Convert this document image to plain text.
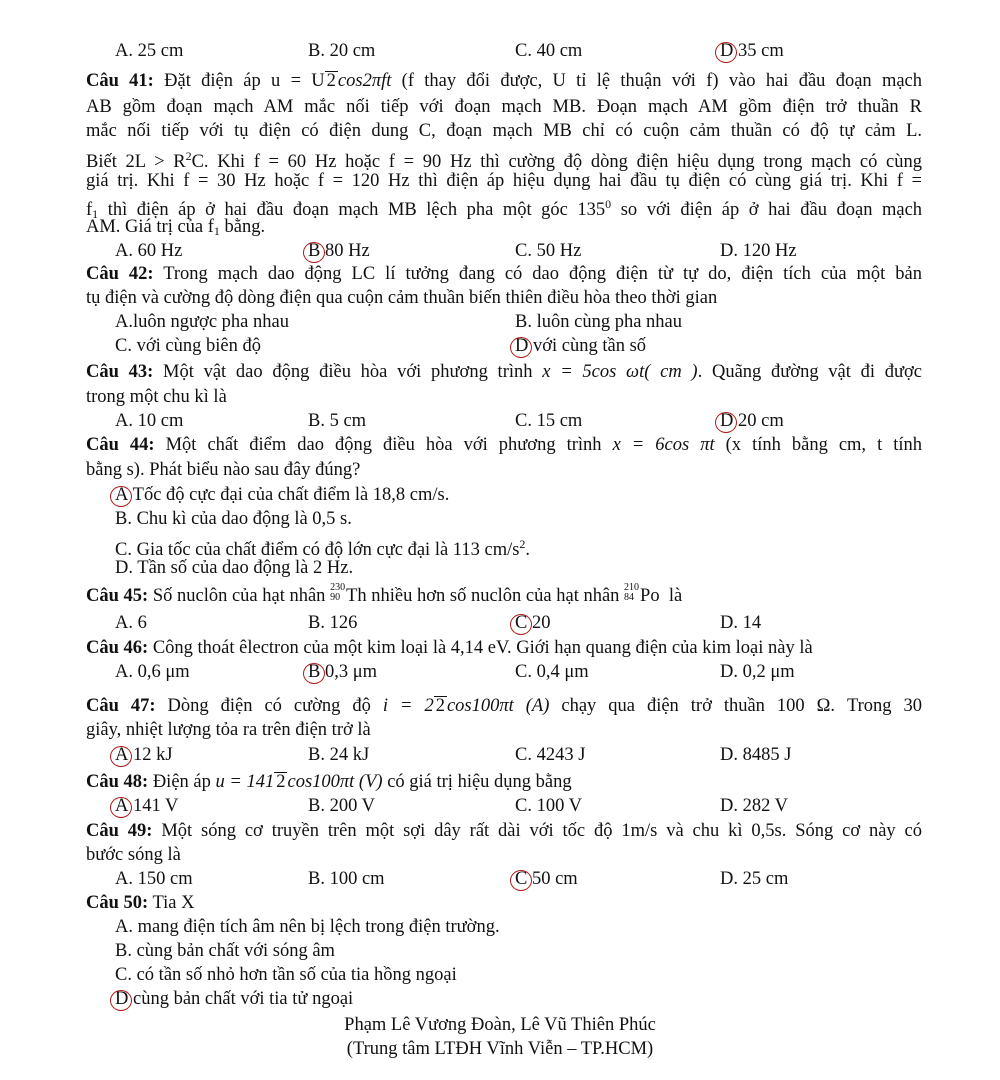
A. 25 cm	B. 20 cm	C. 40 cm	D 35 cm
Câu 41: Đặt điện áp u = U 2 cos2πft (f thay đổi được, U tỉ lệ thuận với f) vào hai đầu đoạn mạch
AB gồm đoạn mạch AM mắc nối tiếp với đoạn mạch MB. Đoạn mạch AM gồm điện trở thuần R
mắc nối tiếp với tụ điện có điện dung C, đoạn mạch MB chỉ có cuộn cảm thuần có độ tự cảm L.
Biết $2L > R^2C$. Khi f = 60 Hz hoặc f = 90 Hz thì cường độ dòng điện hiệu dụng trong mạch có cùng
giá trị. Khi f = 30 Hz hoặc f = 120 Hz thì điện áp hiệu dụng hai đầu tụ điện có cùng giá trị. Khi f =
$f_1$ thì điện áp ở hai đầu đoạn mạch MB lệch pha một góc $135^0$ so với điện áp ở hai đầu đoạn mạch
AM. Giá trị của $f_1$ bằng.
A. 60 Hz	B 80 Hz	C. 50 Hz	D. 120 Hz
Câu 42: Trong mạch dao động LC lí tưởng đang có dao động điện từ tự do, điện tích của một bản
tụ điện và cường độ dòng điện qua cuộn cảm thuần biến thiên điều hòa theo thời gian
A.luôn ngược pha nhau	B. luôn cùng pha nhau
C. với cùng biên độ	D với cùng tần số
Câu 43: Một vật dao động điều hòa với phương trình x = 5cos ωt( cm ). Quãng đường vật đi được
trong một chu kì là
A. 10 cm	B. 5 cm	C. 15 cm	D 20 cm
Câu 44: Một chất điểm dao động điều hòa với phương trình x = 6cos πt (x tính bằng cm, t tính
bằng s). Phát biểu nào sau đây đúng?
A Tốc độ cực đại của chất điểm là 18,8 cm/s.
B. Chu kì của dao động là 0,5 s.
C. Gia tốc của chất điểm có độ lớn cực đại là 113 $cm/s^2$.
D. Tần số của dao động là 2 Hz.
Câu 45: Số nuclôn của hạt nhân 230
90 Th nhiều hơn số nuclôn của hạt nhân 210
84 Po là
A. 6	B. 126	C 20	D. 14
Câu 46: Công thoát êlectron của một kim loại là 4,14 eV. Giới hạn quang điện của kim loại này là
A. 0,6 μm	B 0,3 μm	C. 0,4 μm	D. 0,2 μm
Câu 47: Dòng điện có cường độ i = 2 2 cos100πt (A) chạy qua điện trở thuần 100 Ω. Trong 30
giây, nhiệt lượng tỏa ra trên điện trở là
A 12 kJ	B. 24 kJ	C. 4243 J	D. 8485 J
Câu 48: Điện áp u = 141 2 cos100πt (V) có giá trị hiệu dụng bằng
A 141 V	B. 200 V	C. 100 V	D. 282 V
Câu 49: Một sóng cơ truyền trên một sợi dây rất dài với tốc độ 1m/s và chu kì 0,5s. Sóng cơ này có
bước sóng là
A. 150 cm	B. 100 cm	C 50 cm	D. 25 cm
Câu 50: Tia X
A. mang điện tích âm nên bị lệch trong điện trường.
B. cùng bản chất với sóng âm
C. có tần số nhỏ hơn tần số của tia hồng ngoại
D cùng bản chất với tia tử ngoại
Phạm Lê Vương Đoàn, Lê Vũ Thiên Phúc
(Trung tâm LTĐH Vĩnh Viễn – TP.HCM)
